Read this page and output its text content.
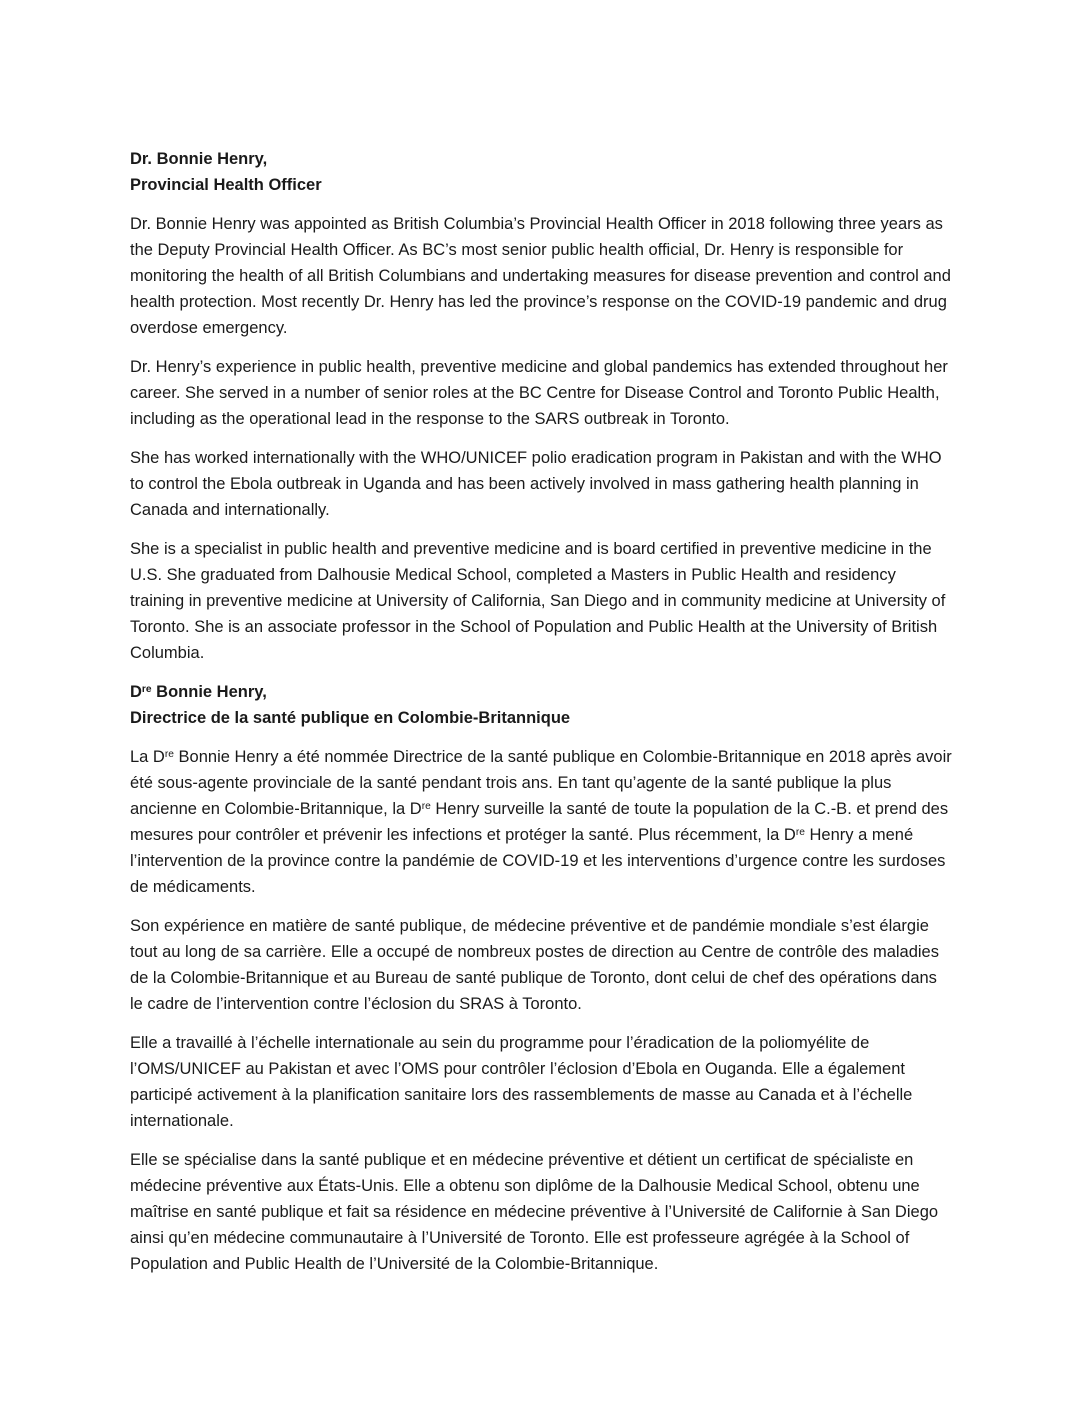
Dr. Bonnie Henry,
Provincial Health Officer

Dr. Bonnie Henry was appointed as British Columbia’s Provincial Health Officer in 2018 following three years as the Deputy Provincial Health Officer. As BC’s most senior public health official, Dr. Henry is responsible for monitoring the health of all British Columbians and undertaking measures for disease prevention and control and health protection. Most recently Dr. Henry has led the province’s response on the COVID-19 pandemic and drug overdose emergency.

Dr. Henry’s experience in public health, preventive medicine and global pandemics has extended throughout her career. She served in a number of senior roles at the BC Centre for Disease Control and Toronto Public Health, including as the operational lead in the response to the SARS outbreak in Toronto.

She has worked internationally with the WHO/UNICEF polio eradication program in Pakistan and with the WHO to control the Ebola outbreak in Uganda and has been actively involved in mass gathering health planning in Canada and internationally.

She is a specialist in public health and preventive medicine and is board certified in preventive medicine in the U.S. She graduated from Dalhousie Medical School, completed a Masters in Public Health and residency training in preventive medicine at University of California, San Diego and in community medicine at University of Toronto. She is an associate professor in the School of Population and Public Health at the University of British Columbia.

Dre Bonnie Henry,
Directrice de la santé publique en Colombie-Britannique

La Dre Bonnie Henry a été nommée Directrice de la santé publique en Colombie-Britannique en 2018 après avoir été sous-agente provinciale de la santé pendant trois ans. En tant qu’agente de la santé publique la plus ancienne en Colombie-Britannique, la Dre Henry surveille la santé de toute la population de la C.-B. et prend des mesures pour contrôler et prévenir les infections et protéger la santé. Plus récemment, la Dre Henry a mené l’intervention de la province contre la pandémie de COVID-19 et les interventions d’urgence contre les surdoses de médicaments.

Son expérience en matière de santé publique, de médecine préventive et de pandémie mondiale s’est élargie tout au long de sa carrière. Elle a occupé de nombreux postes de direction au Centre de contrôle des maladies de la Colombie-Britannique et au Bureau de santé publique de Toronto, dont celui de chef des opérations dans le cadre de l’intervention contre l’éclosion du SRAS à Toronto.

Elle a travaillé à l’échelle internationale au sein du programme pour l’éradication de la poliomyélite de l’OMS/UNICEF au Pakistan et avec l’OMS pour contrôler l’éclosion d’Ebola en Ouganda. Elle a également participé activement à la planification sanitaire lors des rassemblements de masse au Canada et à l’échelle internationale.

Elle se spécialise dans la santé publique et en médecine préventive et détient un certificat de spécialiste en médecine préventive aux États-Unis. Elle a obtenu son diplôme de la Dalhousie Medical School, obtenu une maîtrise en santé publique et fait sa résidence en médecine préventive à l’Université de Californie à San Diego ainsi qu’en médecine communautaire à l’Université de Toronto. Elle est professeure agrégée à la School of Population and Public Health de l’Université de la Colombie-Britannique.
